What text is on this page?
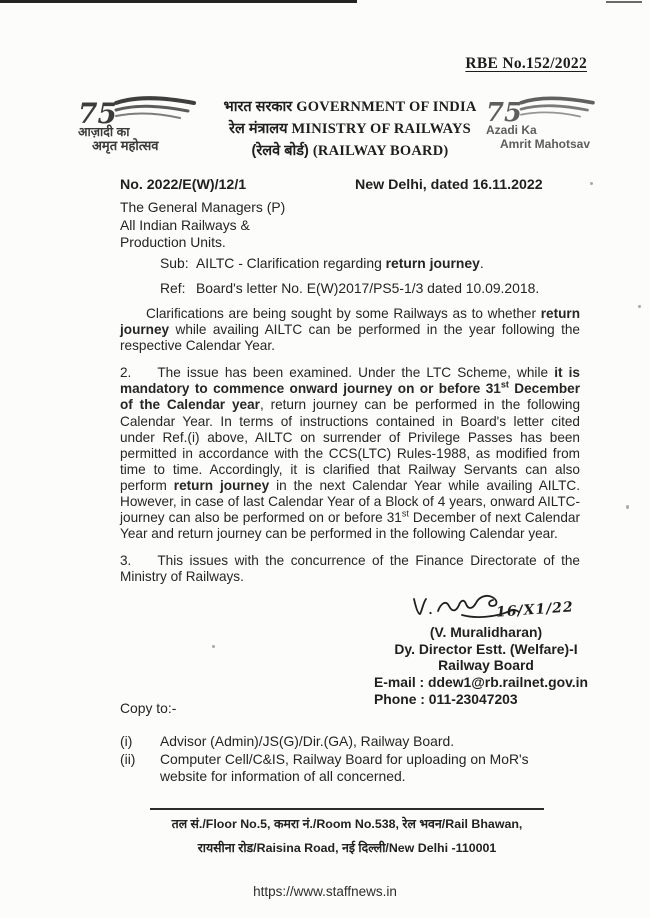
RBE No.152/2022
75
आज़ादी का
अमृत महोत्सव
75
Azadi Ka
Amrit Mahotsav
भारत सरकार GOVERNMENT OF INDIA
रेल मंत्रालय MINISTRY OF RAILWAYS
(रेलवे बोर्ड) (RAILWAY BOARD)
No. 2022/E(W)/12/1	New Delhi, dated 16.11.2022
The General Managers (P)
All Indian Railways &
Production Units.
Sub: AILTC - Clarification regarding return journey.
Ref: Board's letter No. E(W)2017/PS5-1/3 dated 10.09.2018.

Clarifications are being sought by some Railways as to whether return journey while availing AILTC can be performed in the year following the respective Calendar Year.

2. The issue has been examined. Under the LTC Scheme, while it is mandatory to commence onward journey on or before 31st December of the Calendar year, return journey can be performed in the following Calendar Year. In terms of instructions contained in Board's letter cited under Ref.(i) above, AILTC on surrender of Privilege Passes has been permitted in accordance with the CCS(LTC) Rules-1988, as modified from time to time. Accordingly, it is clarified that Railway Servants can also perform return journey in the next Calendar Year while availing AILTC. However, in case of last Calendar Year of a Block of 4 years, onward AILTC- journey can also be performed on or before 31st December of next Calendar Year and return journey can be performed in the following Calendar year.

3. This issues with the concurrence of the Finance Directorate of the Ministry of Railways.

16/X1/22
(V. Muralidharan)
Dy. Director Estt. (Welfare)-I
Railway Board
E-mail : ddew1@rb.railnet.gov.in
Phone : 011-23047203
Copy to:-
(i)	Advisor (Admin)/JS(G)/Dir.(GA), Railway Board.
(ii)	Computer Cell/C&IS, Railway Board for uploading on MoR's website for information of all concerned.
तल सं./Floor No.5, कमरा नं./Room No.538, रेल भवन/Rail Bhawan,
रायसीना रोड/Raisina Road, नई दिल्ली/New Delhi -110001
https://www.staffnews.in
